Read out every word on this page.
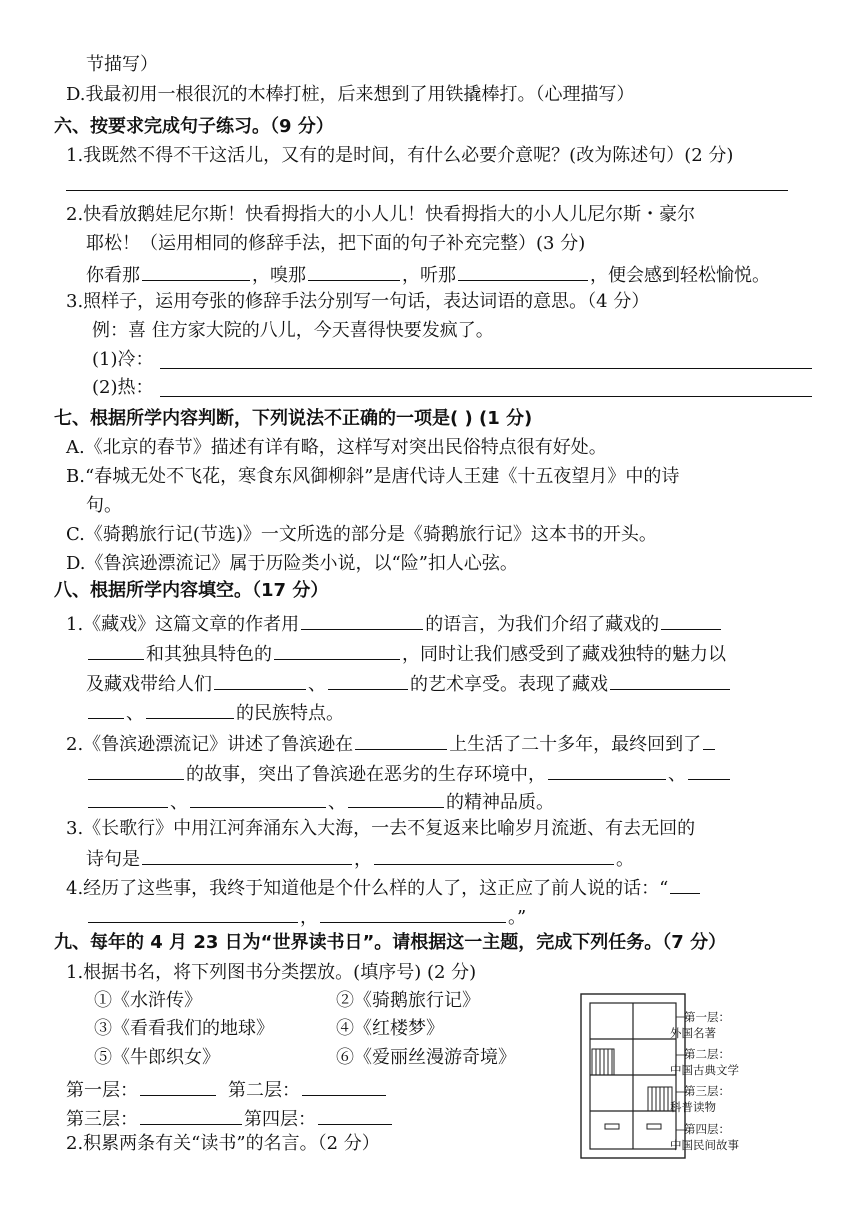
节描写）
D.我最初用一根很沉的木棒打桩，后来想到了用铁撬棒打。（心理描写）
六、按要求完成句子练习。（9 分）
1.我既然不得不干这活儿，又有的是时间，有什么必要介意呢？(改为陈述句）(2 分)
2.快看放鹅娃尼尔斯！快看拇指大的小人儿！快看拇指大的小人儿尼尔斯・豪尔
耶松！（运用相同的修辞手法，把下面的句子补充完整）(3 分)
你看那	，嗅那	，听那	，便会感到轻松愉悦。
3.照样子，运用夸张的修辞手法分别写一句话，表达词语的意思。（4 分）
例：喜 住方家大院的八儿，今天喜得快要发疯了。
(1)冷：
(2)热：
七、根据所学内容判断，下列说法不正确的一项是( ) (1 分)
A.《北京的春节》描述有详有略，这样写对突出民俗特点很有好处。
B.“春城无处不飞花，寒食东风御柳斜”是唐代诗人王建《十五夜望月》中的诗
句。
C.《骑鹅旅行记(节选)》一文所选的部分是《骑鹅旅行记》这本书的开头。
D.《鲁滨逊漂流记》属于历险类小说，以“险”扣人心弦。
八、根据所学内容填空。（17 分）
1.《藏戏》这篇文章的作者用	的语言，为我们介绍了藏戏的
和其独具特色的	，同时让我们感受到了藏戏独特的魅力以
及藏戏带给人们	、	的艺术享受。表现了藏戏
、	的民族特点。
2.《鲁滨逊漂流记》讲述了鲁滨逊在	上生活了二十多年，最终回到了
的故事，突出了鲁滨逊在恶劣的生存环境中，	、
、	、	的精神品质。
3.《长歌行》中用江河奔涌东入大海，一去不复返来比喻岁月流逝、有去无回的
诗句是	，	。
4.经历了这些事，我终于知道他是个什么样的人了，这正应了前人说的话：“
，	。”
九、每年的 4 月 23 日为“世界读书日”。请根据这一主题，完成下列任务。（7 分）
1.根据书名，将下列图书分类摆放。(填序号) (2 分)
①《水浒传》	②《骑鹅旅行记》
③《看看我们的地球》	④《红楼梦》
⑤《牛郎织女》	⑥《爱丽丝漫游奇境》
第一层：	第二层：
第三层：	第四层：
2.积累两条有关“读书”的名言。（2 分）
第一层：
外国名著
第二层：
中国古典文学
第三层：
科普读物
第四层：
中国民间故事
